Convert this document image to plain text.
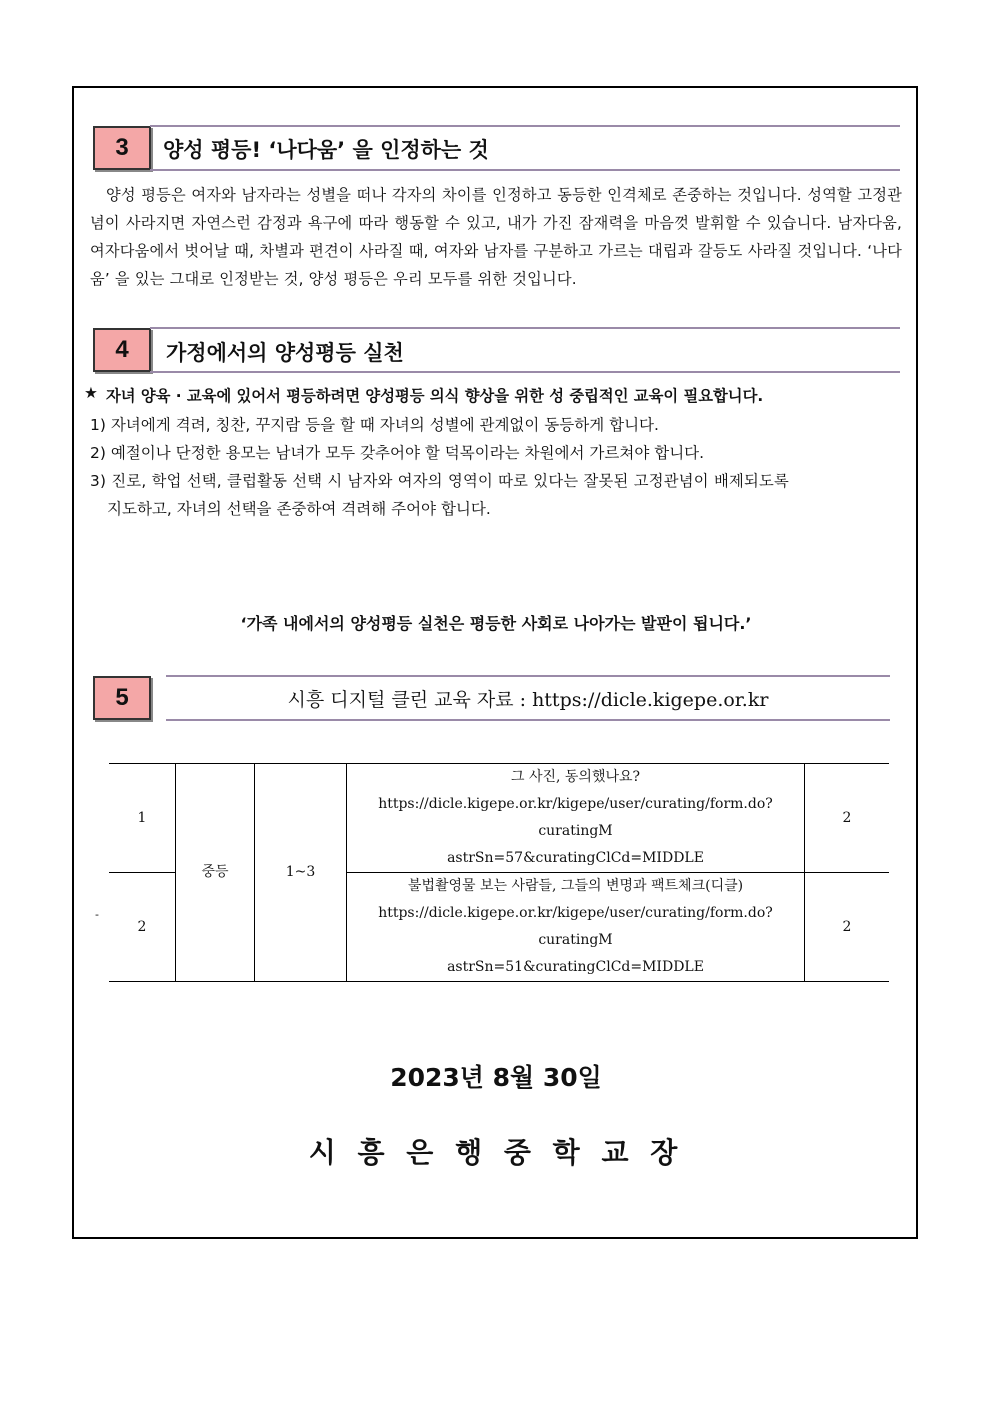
3	양성 평등! ‘나다움’ 을 인정하는 것
양성 평등은 여자와 남자라는 성별을 떠나 각자의 차이를 인정하고 동등한 인격체로 존중하는 것입니다. 성역할 고정관념이 사라지면 자연스런 감정과 욕구에 따라 행동할 수 있고, 내가 가진 잠재력을 마음껏 발휘할 수 있습니다. 남자다움, 여자다움에서 벗어날 때, 차별과 편견이 사라질 때, 여자와 남자를 구분하고 가르는 대립과 갈등도 사라질 것입니다. ‘나다움’ 을 있는 그대로 인정받는 것, 양성 평등은 우리 모두를 위한 것입니다.
4	가정에서의 양성평등 실천
★ 자녀 양육 · 교육에 있어서 평등하려면 양성평등 의식 향상을 위한 성 중립적인 교육이 필요합니다.
1) 자녀에게 격려, 칭찬, 꾸지람 등을 할 때 자녀의 성별에 관계없이 동등하게 합니다.
2) 예절이나 단정한 용모는 남녀가 모두 갖추어야 할 덕목이라는 차원에서 가르쳐야 합니다.
3) 진로, 학업 선택, 클럽활동 선택 시 남자와 여자의 영역이 따로 있다는 잘못된 고정관념이 배제되도록
지도하고, 자녀의 선택을 존중하여 격려해 주어야 합니다.
‘가족 내에서의 양성평등 실천은 평등한 사회로 나아가는 발판이 됩니다.’
5	시흥 디지털 클린 교육 자료 : https://dicle.kigepe.or.kr
1	중등	1~3	그 사진, 동의했나요?
https://dicle.kigepe.or.kr/kigepe/user/curating/form.do?curatingM
astrSn=57&curatingClCd=MIDDLE	2
2			불법촬영물 보는 사람들, 그들의 변명과 팩트체크(디클)
https://dicle.kigepe.or.kr/kigepe/user/curating/form.do?curatingM
astrSn=51&curatingClCd=MIDDLE	2
-
2023년 8월 30일
시 흥 은 행 중 학 교 장
